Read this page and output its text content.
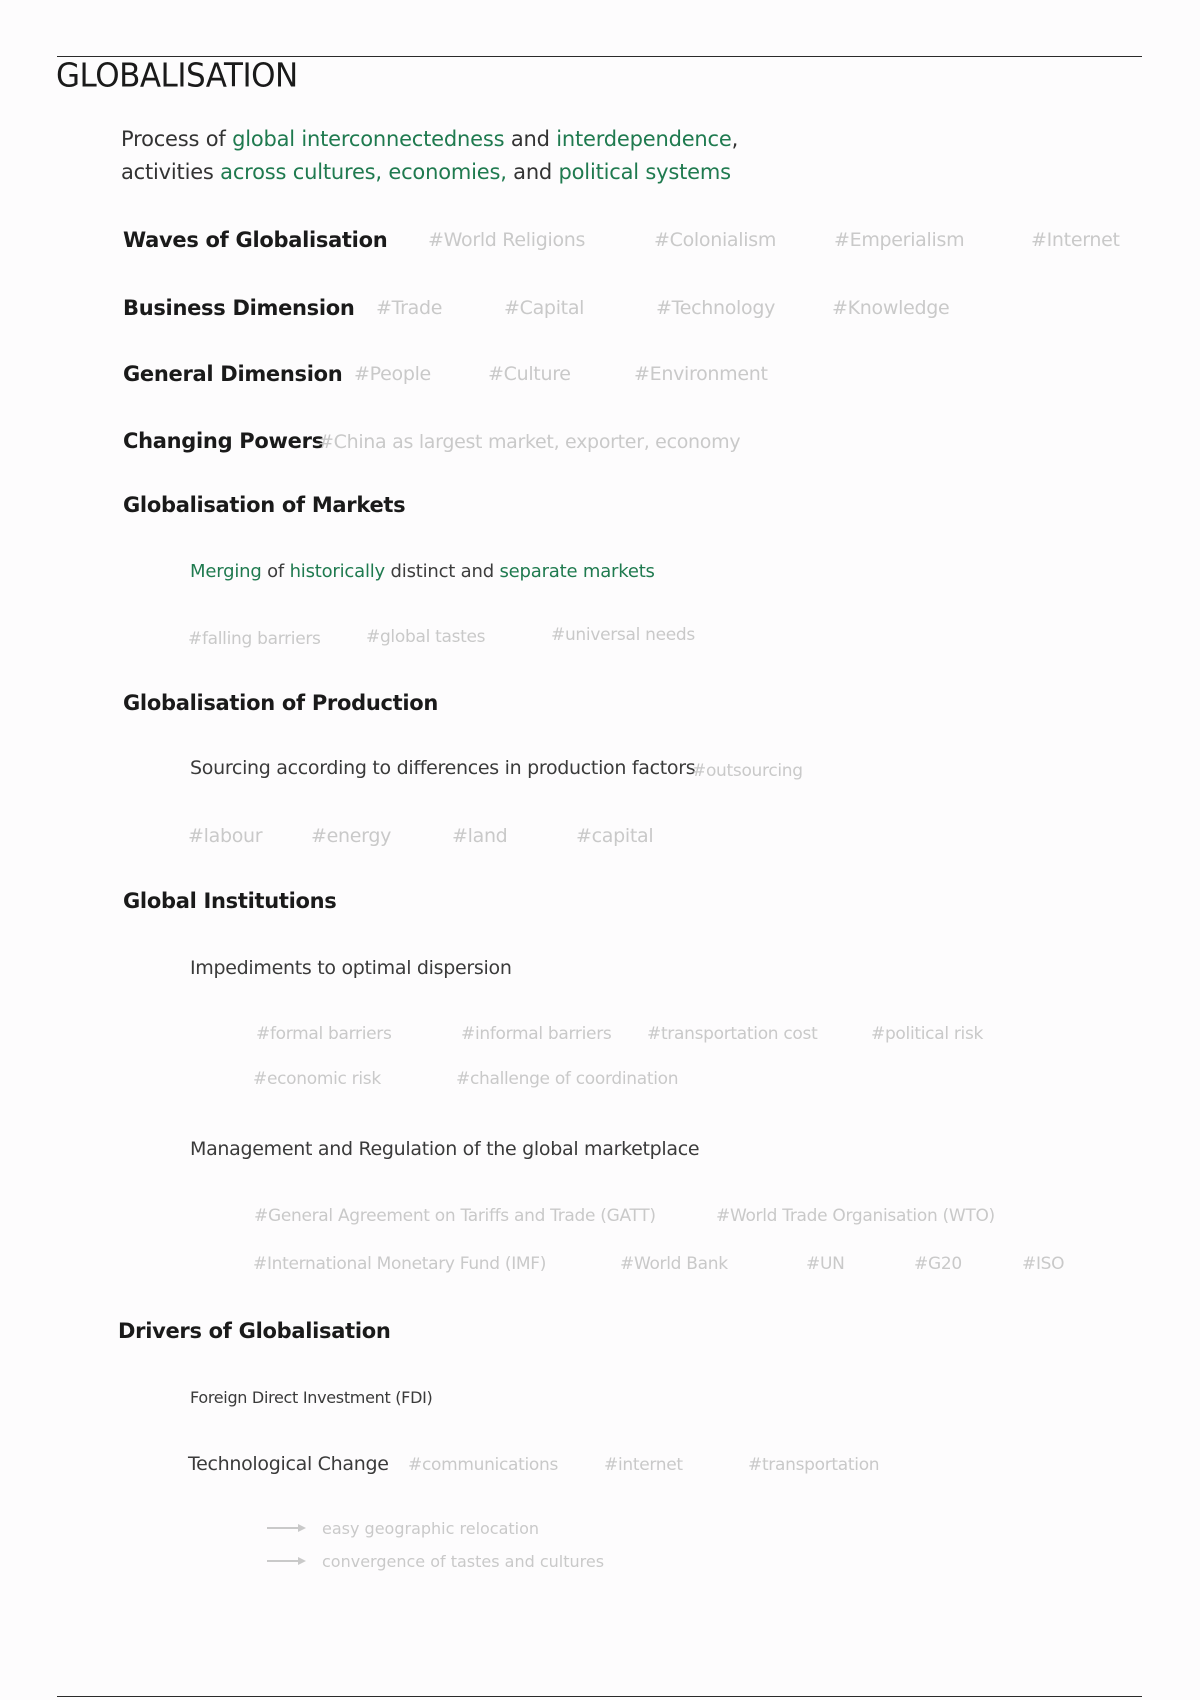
GLOBALISATION
Process of global interconnectedness and interdependence,
activities across cultures, economies, and political systems
Waves of Globalisation #World Religions	#Colonialism	#Emperialism	#Internet
Business Dimension #Trade	#Capital	#Technology	#Knowledge
General Dimension #People	#Culture	#Environment
Changing Powers
#China as largest market, exporter, economy
Globalisation of Markets
Merging of historically distinct and separate markets
#falling barriers	#global tastes	#universal needs
Globalisation of Production
Sourcing according to differences in production factors
#outsourcing
#labour	#energy	#land	#capital
Global Institutions
Impediments to optimal dispersion
#formal barriers	#informal barriers #transportation cost	#political risk
#economic risk	#challenge of coordination
Management and Regulation of the global marketplace
#General Agreement on Tariffs and Trade (GATT)	#World Trade Organisation (WTO)
#International Monetary Fund (IMF)	#World Bank	#UN	#G20	#ISO
Drivers of Globalisation
Foreign Direct Investment (FDI)
Technological Change #communications	#internet	#transportation
easy geographic relocation
convergence of tastes and cultures
